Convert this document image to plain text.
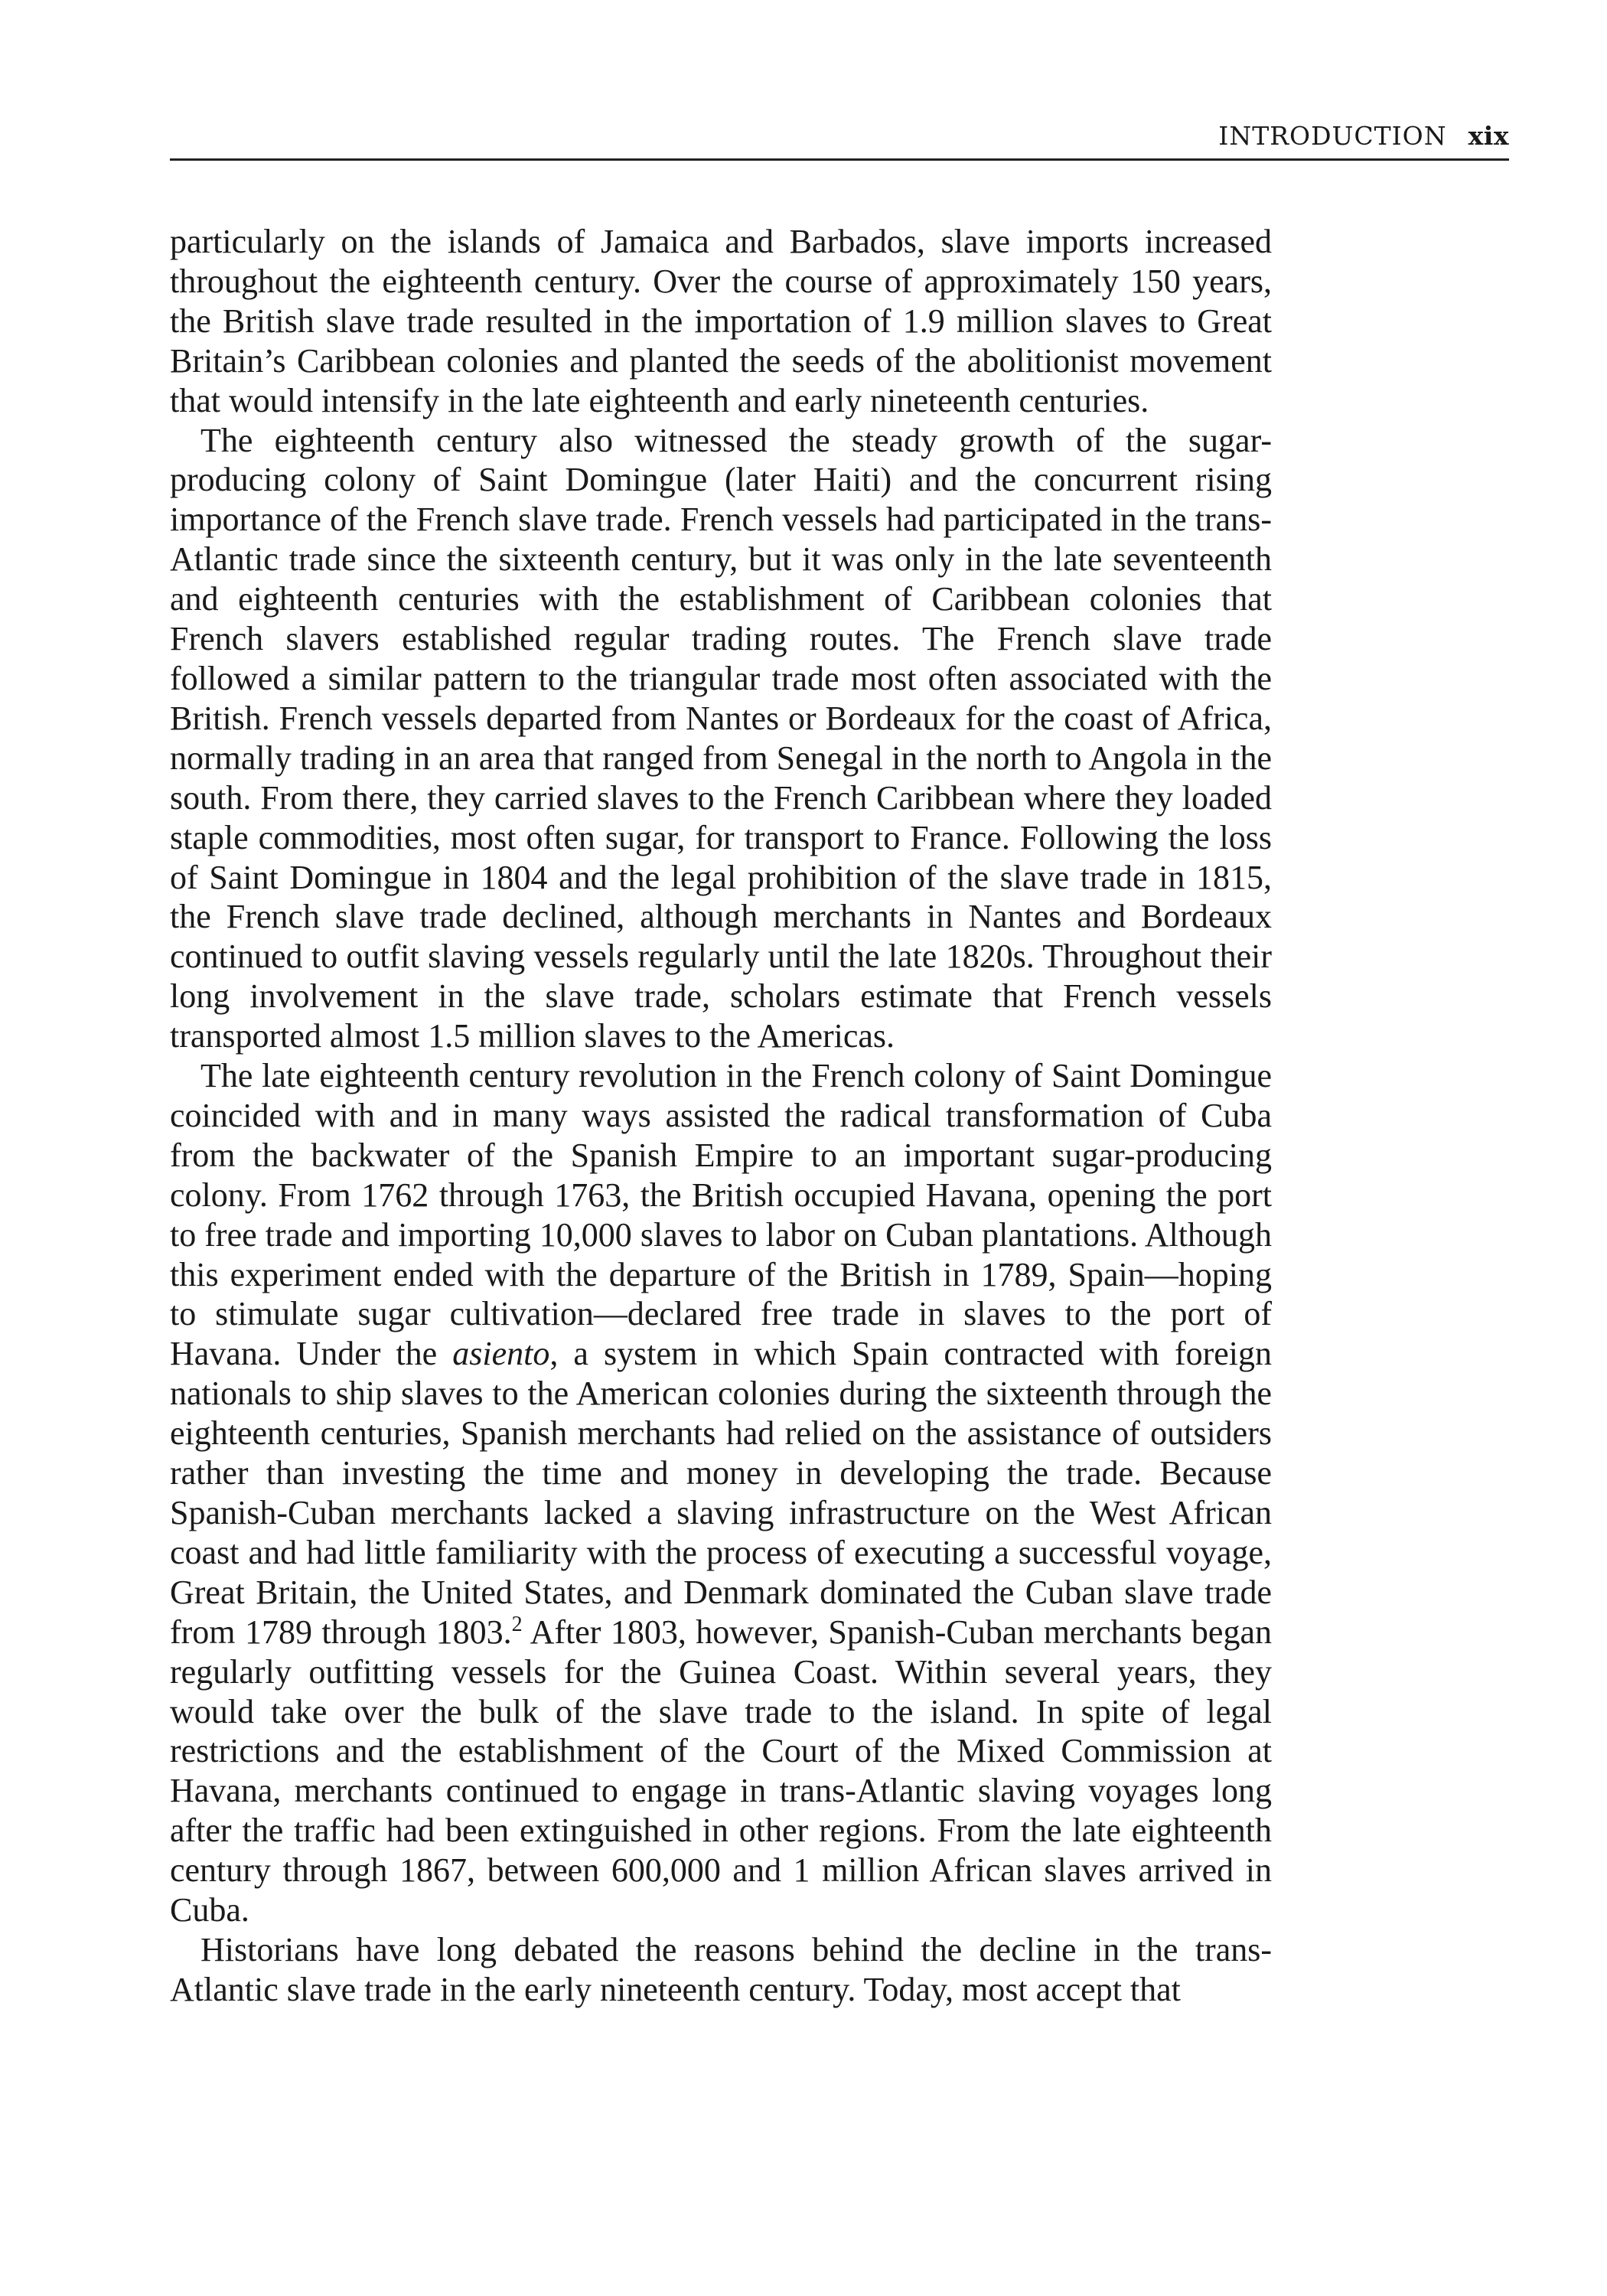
INTRODUCTION xix

particularly on the islands of Jamaica and Barbados, slave imports increased throughout the eighteenth century. Over the course of approximately 150 years, the British slave trade resulted in the importation of 1.9 million slaves to Great Britain’s Caribbean colonies and planted the seeds of the abolitionist movement that would intensify in the late eighteenth and early nineteenth centuries.

The eighteenth century also witnessed the steady growth of the sugar-producing colony of Saint Domingue (later Haiti) and the concurrent rising importance of the French slave trade. French vessels had participated in the trans-Atlantic trade since the sixteenth century, but it was only in the late seventeenth and eighteenth centuries with the establishment of Caribbean colonies that French slavers established regular trading routes. The French slave trade followed a similar pattern to the triangular trade most often associated with the British. French vessels departed from Nantes or Bordeaux for the coast of Africa, normally trading in an area that ranged from Senegal in the north to Angola in the south. From there, they carried slaves to the French Caribbean where they loaded staple commodities, most often sugar, for transport to France. Following the loss of Saint Domingue in 1804 and the legal prohibition of the slave trade in 1815, the French slave trade declined, although merchants in Nantes and Bordeaux continued to outfit slaving vessels regularly until the late 1820s. Throughout their long involvement in the slave trade, scholars estimate that French vessels transported almost 1.5 million slaves to the Americas.

The late eighteenth century revolution in the French colony of Saint Domingue coincided with and in many ways assisted the radical transformation of Cuba from the backwater of the Spanish Empire to an important sugar-producing colony. From 1762 through 1763, the British occupied Havana, opening the port to free trade and importing 10,000 slaves to labor on Cuban plantations. Although this experiment ended with the departure of the British in 1789, Spain—hoping to stimulate sugar cultivation—declared free trade in slaves to the port of Havana. Under the asiento, a system in which Spain contracted with foreign nationals to ship slaves to the American colonies during the sixteenth through the eighteenth centuries, Spanish merchants had relied on the assistance of outsiders rather than investing the time and money in developing the trade. Because Spanish-Cuban merchants lacked a slaving infrastructure on the West African coast and had little familiarity with the process of executing a successful voyage, Great Britain, the United States, and Denmark dominated the Cuban slave trade from 1789 through 1803.$^2$ After 1803, however, Spanish-Cuban merchants began regularly outfitting vessels for the Guinea Coast. Within several years, they would take over the bulk of the slave trade to the island. In spite of legal restrictions and the establishment of the Court of the Mixed Commission at Havana, merchants continued to engage in trans-Atlantic slaving voyages long after the traffic had been extinguished in other regions. From the late eighteenth century through 1867, between 600,000 and 1 million African slaves arrived in Cuba.

Historians have long debated the reasons behind the decline in the trans-Atlantic slave trade in the early nineteenth century. Today, most accept that
